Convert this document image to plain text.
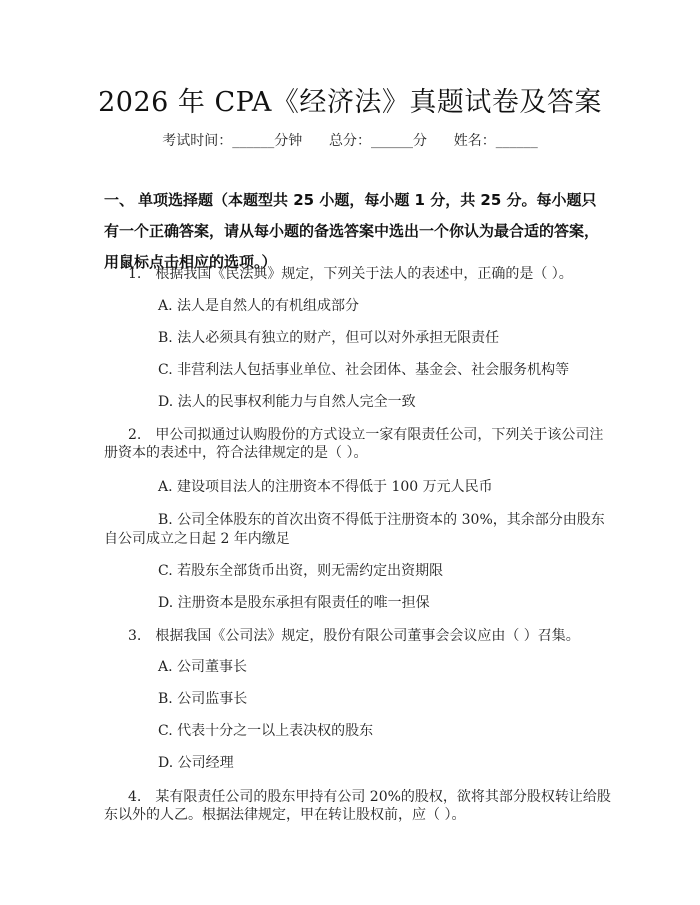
2026 年 CPA《经济法》真题试卷及答案
考试时间：______分钟      总分：______分      姓名：______
一、 单项选择题（本题型共 25 小题，每小题 1 分，共 25 分。每小题只有一个正确答案，请从每小题的备选答案中选出一个你认为最合适的答案，用鼠标点击相应的选项。）
1.　根据我国《民法典》规定，下列关于法人的表述中，正确的是（ ）。
A. 法人是自然人的有机组成部分
B. 法人必须具有独立的财产，但可以对外承担无限责任
C. 非营利法人包括事业单位、社会团体、基金会、社会服务机构等
D. 法人的民事权利能力与自然人完全一致
2.　甲公司拟通过认购股份的方式设立一家有限责任公司，下列关于该公司注
册资本的表述中，符合法律规定的是（ ）。
A. 建设项目法人的注册资本不得低于 100 万元人民币
B. 公司全体股东的首次出资不得低于注册资本的 30%，其余部分由股东
自公司成立之日起 2 年内缴足
C. 若股东全部货币出资，则无需约定出资期限
D. 注册资本是股东承担有限责任的唯一担保
3.　根据我国《公司法》规定，股份有限公司董事会会议应由（ ）召集。
A. 公司董事长
B. 公司监事长
C. 代表十分之一以上表决权的股东
D. 公司经理
4.　某有限责任公司的股东甲持有公司 20%的股权，欲将其部分股权转让给股
东以外的人乙。根据法律规定，甲在转让股权前，应（ ）。
